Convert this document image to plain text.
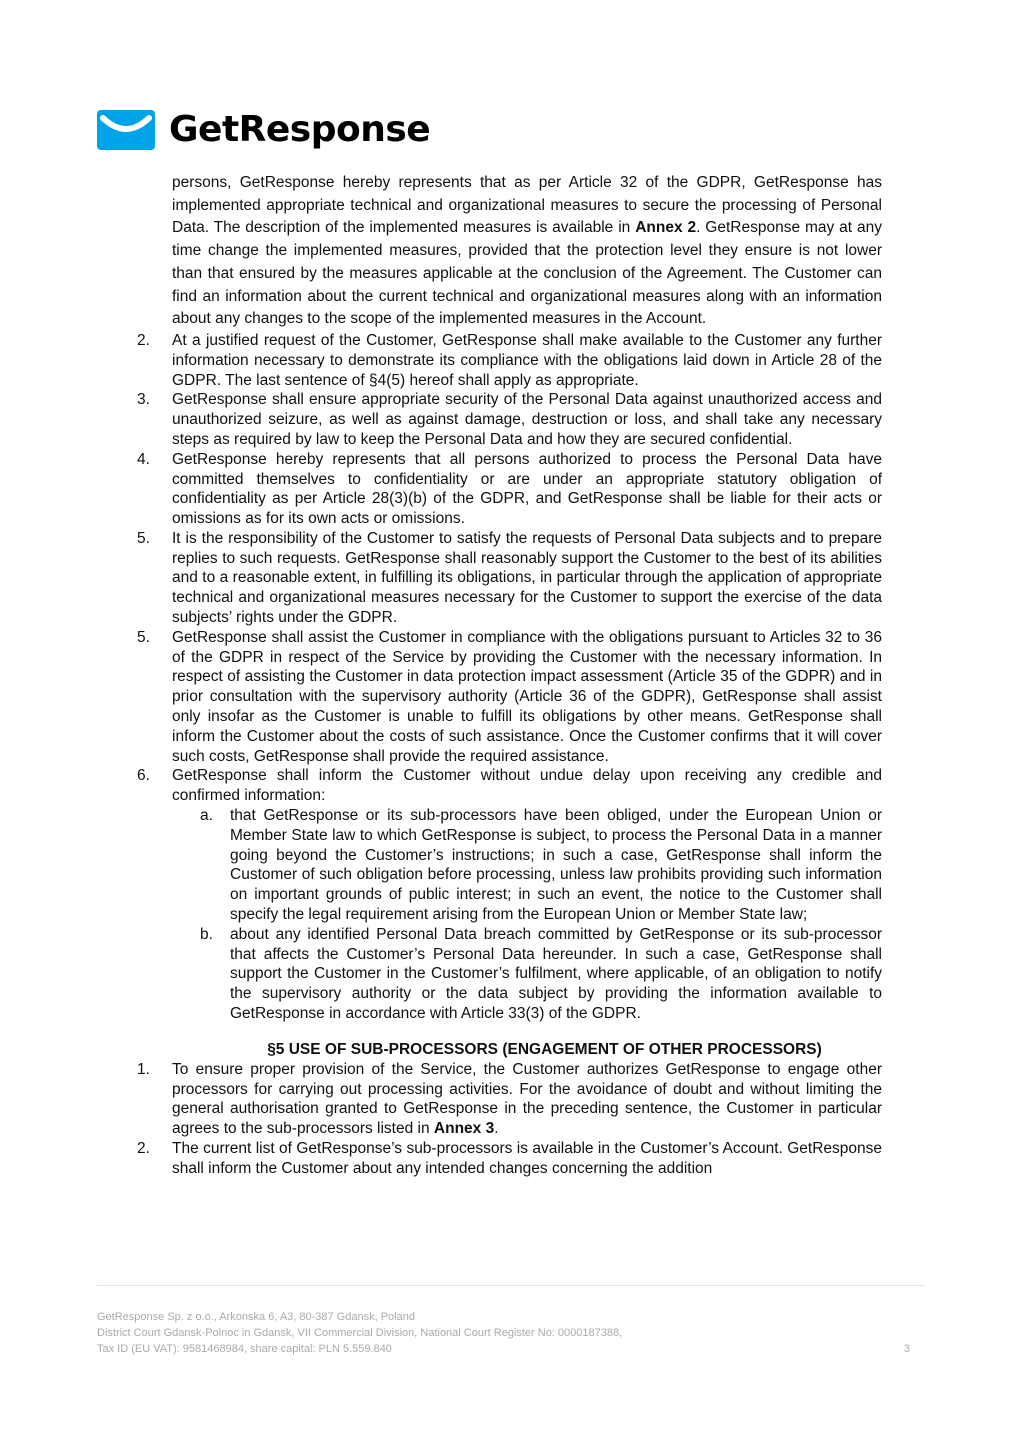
GetResponse

persons, GetResponse hereby represents that as per Article 32 of the GDPR, GetResponse has implemented appropriate technical and organizational measures to secure the processing of Personal Data. The description of the implemented measures is available in Annex 2. GetResponse may at any time change the implemented measures, provided that the protection level they ensure is not lower than that ensured by the measures applicable at the conclusion of the Agreement. The Customer can find an information about the current technical and organizational measures along with an information about any changes to the scope of the implemented measures in the Account.

2.	At a justified request of the Customer, GetResponse shall make available to the Customer any further information necessary to demonstrate its compliance with the obligations laid down in Article 28 of the GDPR. The last sentence of §4(5) hereof shall apply as appropriate.
3.	GetResponse shall ensure appropriate security of the Personal Data against unauthorized access and unauthorized seizure, as well as against damage, destruction or loss, and shall take any necessary steps as required by law to keep the Personal Data and how they are secured confidential.
4.	GetResponse hereby represents that all persons authorized to process the Personal Data have committed themselves to confidentiality or are under an appropriate statutory obligation of confidentiality as per Article 28(3)(b) of the GDPR, and GetResponse shall be liable for their acts or omissions as for its own acts or omissions.
5.	It is the responsibility of the Customer to satisfy the requests of Personal Data subjects and to prepare replies to such requests. GetResponse shall reasonably support the Customer to the best of its abilities and to a reasonable extent, in fulfilling its obligations, in particular through the application of appropriate technical and organizational measures necessary for the Customer to support the exercise of the data subjects’ rights under the GDPR.
5.	GetResponse shall assist the Customer in compliance with the obligations pursuant to Articles 32 to 36 of the GDPR in respect of the Service by providing the Customer with the necessary information. In respect of assisting the Customer in data protection impact assessment (Article 35 of the GDPR) and in prior consultation with the supervisory authority (Article 36 of the GDPR), GetResponse shall assist only insofar as the Customer is unable to fulfill its obligations by other means. GetResponse shall inform the Customer about the costs of such assistance. Once the Customer confirms that it will cover such costs, GetResponse shall provide the required assistance.
6.	GetResponse shall inform the Customer without undue delay upon receiving any credible and confirmed information:
a.	that GetResponse or its sub-processors have been obliged, under the European Union or Member State law to which GetResponse is subject, to process the Personal Data in a manner going beyond the Customer’s instructions; in such a case, GetResponse shall inform the Customer of such obligation before processing, unless law prohibits providing such information on important grounds of public interest; in such an event, the notice to the Customer shall specify the legal requirement arising from the European Union or Member State law;
b.	about any identified Personal Data breach committed by GetResponse or its sub-processor that affects the Customer’s Personal Data hereunder. In such a case, GetResponse shall support the Customer in the Customer’s fulfilment, where applicable, of an obligation to notify the supervisory authority or the data subject by providing the information available to GetResponse in accordance with Article 33(3) of the GDPR.
§5 USE OF SUB-PROCESSORS (ENGAGEMENT OF OTHER PROCESSORS)
1.	To ensure proper provision of the Service, the Customer authorizes GetResponse to engage other processors for carrying out processing activities. For the avoidance of doubt and without limiting the general authorisation granted to GetResponse in the preceding sentence, the Customer in particular agrees to the sub-processors listed in Annex 3.
2.	The current list of GetResponse’s sub-processors is available in the Customer’s Account. GetResponse shall inform the Customer about any intended changes concerning the addition
GetResponse Sp. z o.o., Arkonska 6, A3, 80-387 Gdansk, Poland
District Court Gdansk-Polnoc in Gdansk, VII Commercial Division, National Court Register No: 0000187388,
Tax ID (EU VAT): 9581468984, share capital: PLN 5.559.840	3
